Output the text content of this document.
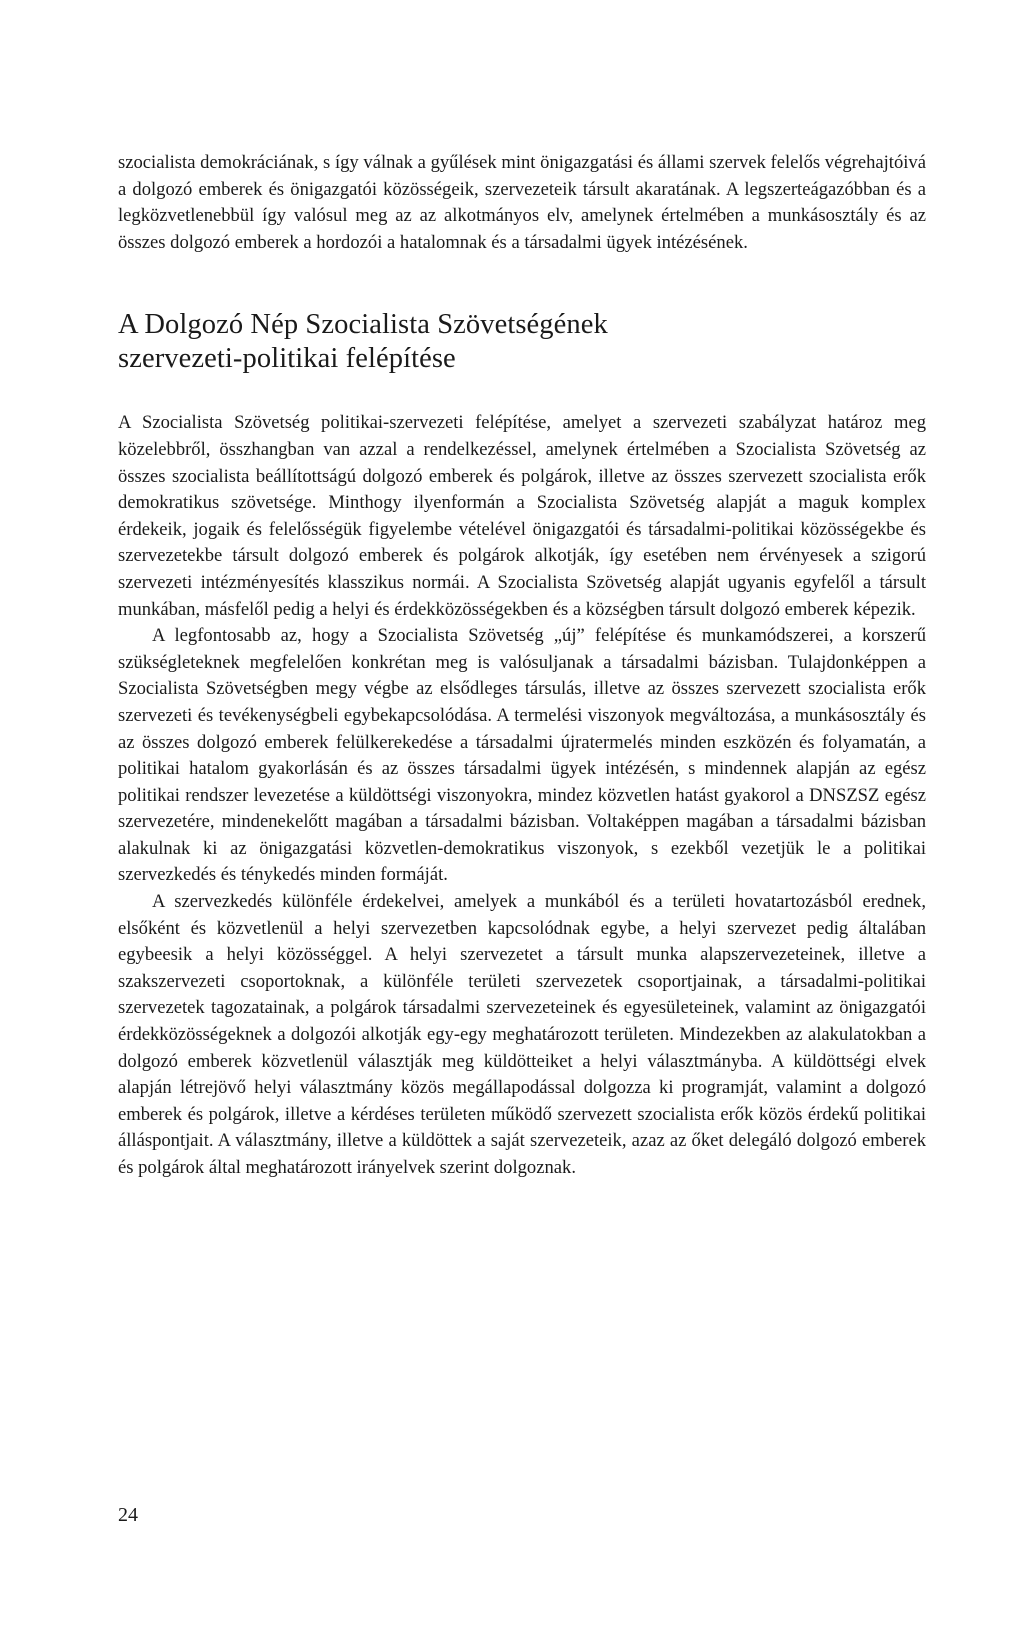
szocialista demokráciának, s így válnak a gyűlések mint önigazgatási és állami szervek felelős végrehajtóivá a dolgozó emberek és önigazgatói közösségeik, szervezeteik társult akaratának. A legszerteágazóbban és a legközvetlenebbül így valósul meg az az alkotmányos elv, amelynek értelmében a munkásosztály és az összes dolgozó emberek a hordozói a hatalomnak és a társadalmi ügyek intézésének.

A Dolgozó Nép Szocialista Szövetségének
szervezeti-politikai felépítése

A Szocialista Szövetség politikai-szervezeti felépítése, amelyet a szervezeti szabályzat határoz meg közelebbről, összhangban van azzal a rendelkezéssel, amelynek értelmében a Szocialista Szövetség az összes szocialista beállítottságú dolgozó emberek és polgárok, illetve az összes szervezett szocialista erők demokratikus szövetsége. Minthogy ilyenformán a Szocialista Szövetség alapját a maguk komplex érdekeik, jogaik és felelősségük figyelembe vételével önigazgatói és társadalmi-politikai közösségekbe és szervezetekbe társult dolgozó emberek és polgárok alkotják, így esetében nem érvényesek a szigorú szervezeti intézményesítés klasszikus normái. A Szocialista Szövetség alapját ugyanis egyfelől a társult munkában, másfelől pedig a helyi és érdekközösségekben és a községben társult dolgozó emberek képezik.

A legfontosabb az, hogy a Szocialista Szövetség „új” felépítése és munkamódszerei, a korszerű szükségleteknek megfelelően konkrétan meg is valósuljanak a társadalmi bázisban. Tulajdonképpen a Szocialista Szövetségben megy végbe az elsődleges társulás, illetve az összes szervezett szocialista erők szervezeti és tevékenységbeli egybekapcsolódása. A termelési viszonyok megváltozása, a munkásosztály és az összes dolgozó emberek felülkerekedése a társadalmi újratermelés minden eszközén és folyamatán, a politikai hatalom gyakorlásán és az összes társadalmi ügyek intézésén, s mindennek alapján az egész politikai rendszer levezetése a küldöttségi viszonyokra, mindez közvetlen hatást gyakorol a DNSZSZ egész szervezetére, mindenekelőtt magában a társadalmi bázisban. Voltaképpen magában a társadalmi bázisban alakulnak ki az önigazgatási közvetlen-demokratikus viszonyok, s ezekből vezetjük le a politikai szervezkedés és ténykedés minden formáját.

A szervezkedés különféle érdekelvei, amelyek a munkából és a területi hovatartozásból erednek, elsőként és közvetlenül a helyi szervezetben kapcsolódnak egybe, a helyi szervezet pedig általában egybeesik a helyi közösséggel. A helyi szervezetet a társult munka alapszervezeteinek, illetve a szakszervezeti csoportoknak, a különféle területi szervezetek csoportjainak, a társadalmi-politikai szervezetek tagozatainak, a polgárok társadalmi szervezeteinek és egyesületeinek, valamint az önigazgatói érdekközösségeknek a dolgozói alkotják egy-egy meghatározott területen. Mindezekben az alakulatokban a dolgozó emberek közvetlenül választják meg küldötteiket a helyi választmányba. A küldöttségi elvek alapján létrejövő helyi választmány közös megállapodással dolgozza ki programját, valamint a dolgozó emberek és polgárok, illetve a kérdéses területen működő szervezett szocialista erők közös érdekű politikai álláspontjait. A választmány, illetve a küldöttek a saját szervezeteik, azaz az őket delegáló dolgozó emberek és polgárok által meghatározott irányelvek szerint dolgoznak.

24
